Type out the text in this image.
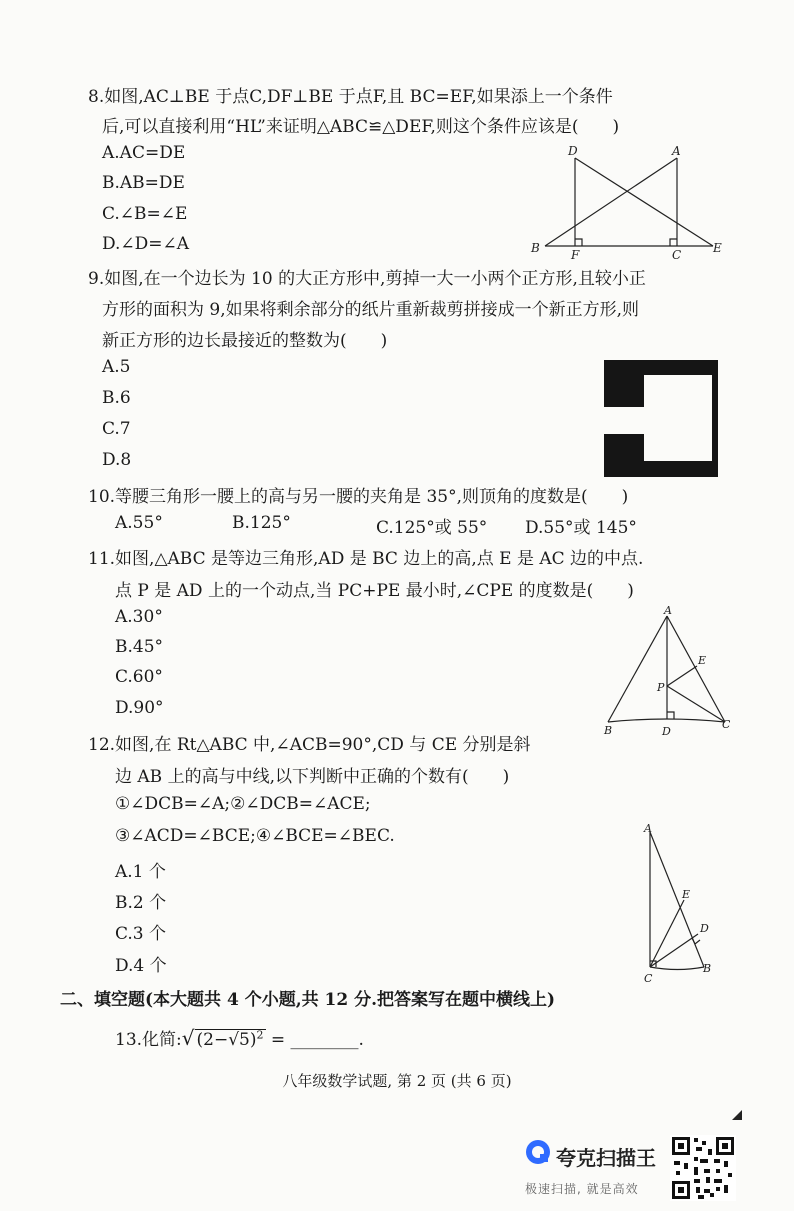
8.如图,AC⊥BE 于点C,DF⊥BE 于点F,且 BC=EF,如果添上一个条件
后,可以直接利用“HL”来证明△ABC≌△DEF,则这个条件应该是(　　)
A.AC=DE
B.AB=DE
C.∠B=∠E
D.∠D=∠A
D	A
B	F	C	E
9.如图,在一个边长为 10 的大正方形中,剪掉一大一小两个正方形,且较小正
方形的面积为 9,如果将剩余部分的纸片重新裁剪拼接成一个新正方形,则
新正方形的边长最接近的整数为(　　)
A.5
B.6
C.7
D.8
10.等腰三角形一腰上的高与另一腰的夹角是 35°,则顶角的度数是(　　)
A.55°	B.125°	C.125°或 55° D.55°或 145°
11.如图,△ABC 是等边三角形,AD 是 BC 边上的高,点 E 是 AC 边的中点.
点 P 是 AD 上的一个动点,当 PC+PE 最小时,∠CPE 的度数是(　　)
A.30°
B.45°
C.60°
D.90°
A
E
P
B	D
C
12.如图,在 Rt△ABC 中,∠ACB=90°,CD 与 CE 分别是斜
边 AB 上的高与中线,以下判断中正确的个数有(　　)
①∠DCB=∠A;②∠DCB=∠ACE;
③∠ACD=∠BCE;④∠BCE=∠BEC.
A.1 个
B.2 个
C.3 个
D.4 个
A
E
D
C
B
二、填空题(本大题共 4 个小题,共 12 分.把答案写在题中横线上)
13.化简:√ $(2-√5)^2$ = ________.
八年级数学试题, 第 2 页 (共 6 页)
夸克扫描王
极速扫描, 就是高效
